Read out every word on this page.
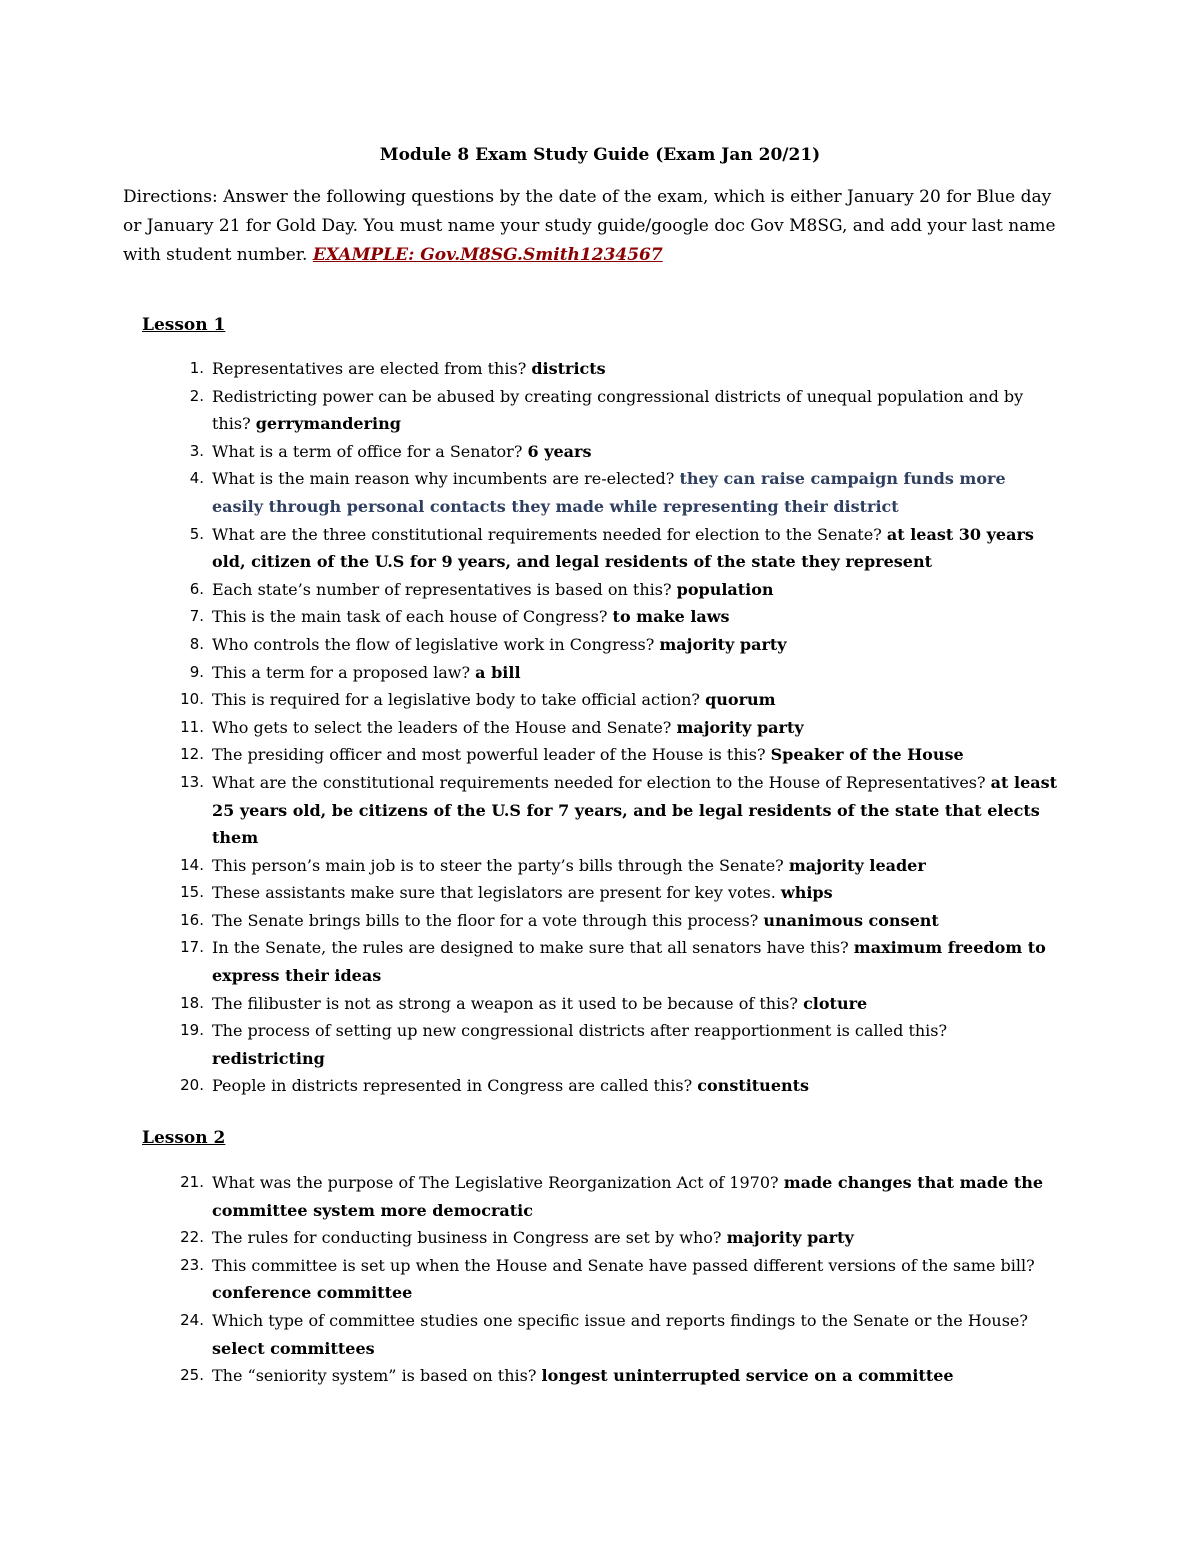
Module 8 Exam Study Guide (Exam Jan 20/21)
Directions: Answer the following questions by the date of the exam, which is either January 20 for Blue day or January 21 for Gold Day. You must name your study guide/google doc Gov M8SG, and add your last name with student number. EXAMPLE: Gov.M8SG.Smith1234567
Lesson 1
1. Representatives are elected from this? districts
2. Redistricting power can be abused by creating congressional districts of unequal population and by this? gerrymandering
3. What is a term of office for a Senator? 6 years
4. What is the main reason why incumbents are re-elected? they can raise campaign funds more easily through personal contacts they made while representing their district
5. What are the three constitutional requirements needed for election to the Senate? at least 30 years old, citizen of the U.S for 9 years, and legal residents of the state they represent
6. Each state’s number of representatives is based on this? population
7. This is the main task of each house of Congress? to make laws
8. Who controls the flow of legislative work in Congress? majority party
9. This a term for a proposed law? a bill
10. This is required for a legislative body to take official action? quorum
11. Who gets to select the leaders of the House and Senate? majority party
12. The presiding officer and most powerful leader of the House is this? Speaker of the House
13. What are the constitutional requirements needed for election to the House of Representatives? at least 25 years old, be citizens of the U.S for 7 years, and be legal residents of the state that elects them
14. This person’s main job is to steer the party’s bills through the Senate? majority leader
15. These assistants make sure that legislators are present for key votes. whips
16. The Senate brings bills to the floor for a vote through this process? unanimous consent
17. In the Senate, the rules are designed to make sure that all senators have this? maximum freedom to express their ideas
18. The filibuster is not as strong a weapon as it used to be because of this? cloture
19. The process of setting up new congressional districts after reapportionment is called this? redistricting
20. People in districts represented in Congress are called this? constituents
Lesson 2
21. What was the purpose of The Legislative Reorganization Act of 1970? made changes that made the committee system more democratic
22. The rules for conducting business in Congress are set by who? majority party
23. This committee is set up when the House and Senate have passed different versions of the same bill? conference committee
24. Which type of committee studies one specific issue and reports findings to the Senate or the House? select committees
25. The “seniority system” is based on this? longest uninterrupted service on a committee
